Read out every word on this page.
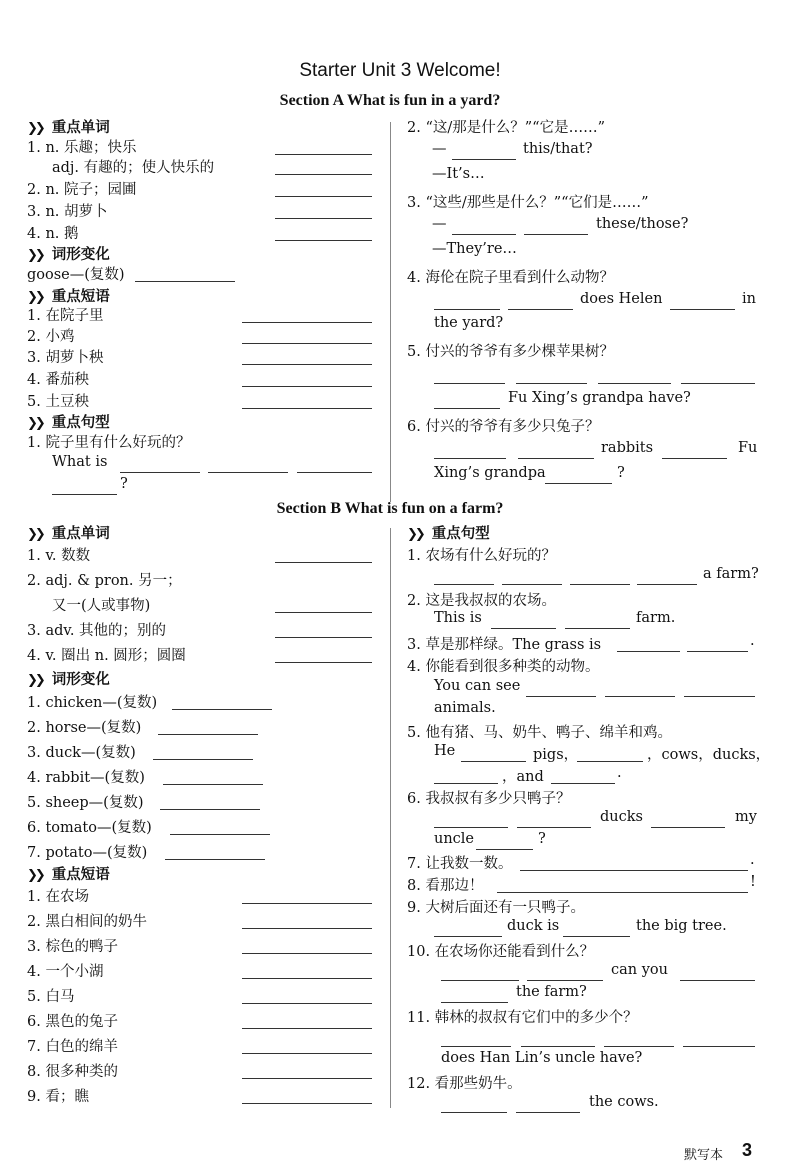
Starter Unit 3 Welcome!
Section A What is fun in a yard?
Section B What is fun on a farm?
❯❯ 重点单词
1. n. 乐趣；快乐
adj. 有趣的；使人快乐的
2. n. 院子；园圃
3. n. 胡萝卜
4. n. 鹅
❯❯ 词形变化
goose—(复数)
❯❯ 重点短语
1. 在院子里
2. 小鸡
3. 胡萝卜秧
4. 番茄秧
5. 土豆秧
❯❯ 重点句型
1. 院子里有什么好玩的？
What is
?
2. “这/那是什么？”“它是……”
—	this/that?
—It’s…
3. “这些/那些是什么？”“它们是……”
—	these/those?
—They’re…
4. 海伦在院子里看到什么动物？
does Helen	in
the yard?
5. 付兴的爷爷有多少棵苹果树？
Fu Xing’s grandpa have?
6. 付兴的爷爷有多少只兔子？
rabbits	Fu
Xing’s grandpa	?
❯❯ 重点单词
1. v. 数数
2. adj. & pron. 另一；
又一(人或事物)
3. adv. 其他的；别的
4. v. 圈出 n. 圆形；圆圈
❯❯ 词形变化
1. chicken—(复数)
2. horse—(复数)
3. duck—(复数)
4. rabbit—(复数)
5. sheep—(复数)
6. tomato—(复数)
7. potato—(复数)
❯❯ 重点短语
1. 在农场
2. 黑白相间的奶牛
3. 棕色的鸭子
4. 一个小湖
5. 白马
6. 黑色的兔子
7. 白色的绵羊
8. 很多种类的
9. 看；瞧
❯❯ 重点句型
1. 农场有什么好玩的？
a farm?
2. 这是我叔叔的农场。
This is	farm.
3. 草是那样绿。The grass is	.
4. 你能看到很多种类的动物。
You can see
animals.
5. 他有猪、马、奶牛、鸭子、绵羊和鸡。
He	pigs，	，cows，ducks，
，and	.
6. 我叔叔有多少只鸭子？
ducks	my
uncle	?
7. 让我数一数。	.
8. 看那边！	!
9. 大树后面还有一只鸭子。
duck is	the big tree.
10. 在农场你还能看到什么？
can you
the farm?
11. 韩林的叔叔有它们中的多少个？
does Han Lin’s uncle have?
12. 看那些奶牛。
the cows.
默写本 3
